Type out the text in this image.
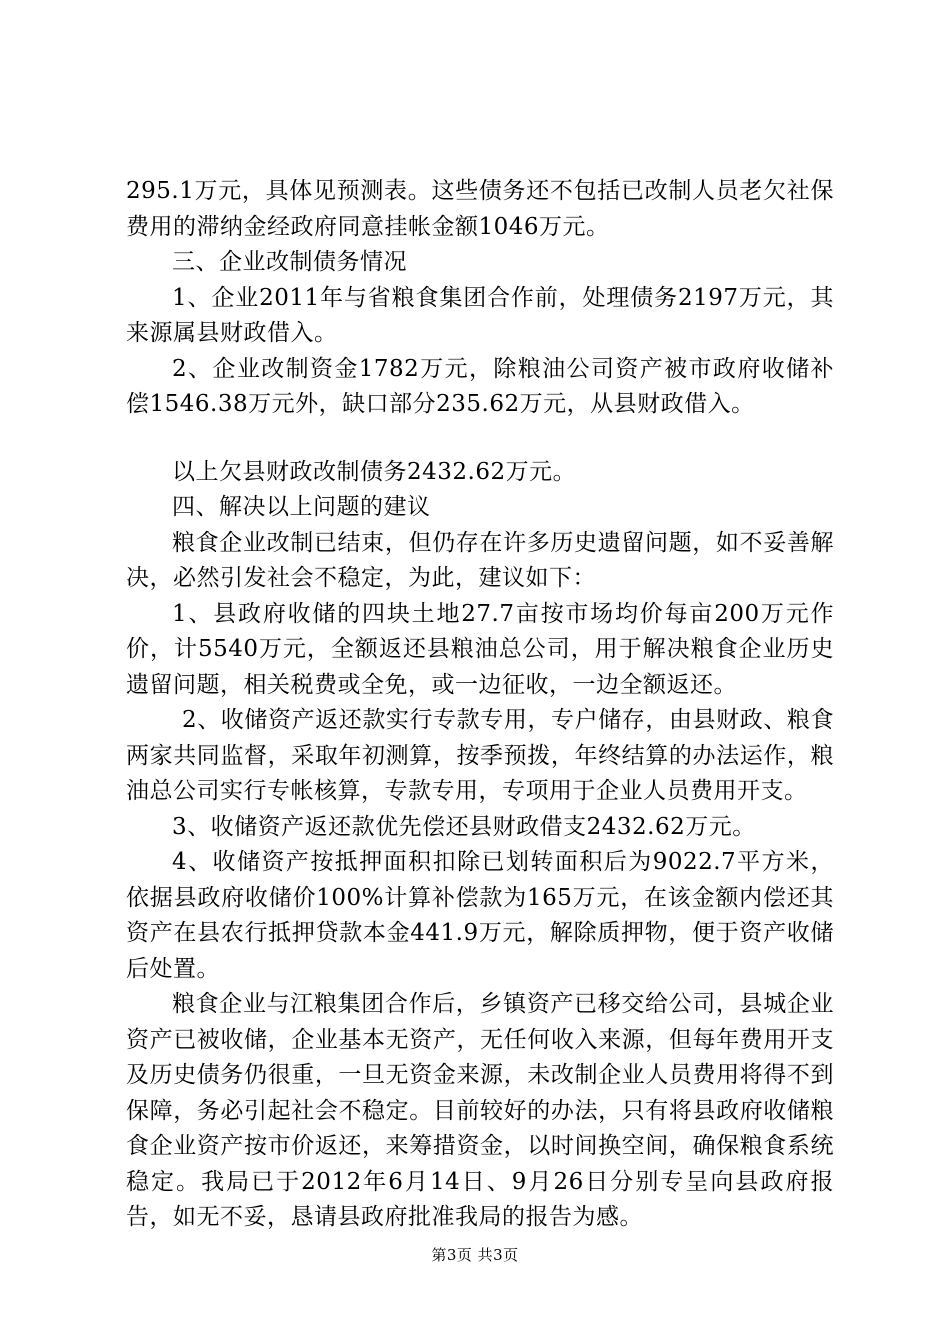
295.1万元，具体见预测表。这些债务还不包括已改制人员老欠社保费用的滞纳金经政府同意挂帐金额1046万元。

三、企业改制债务情况

1、企业2011年与省粮食集团合作前，处理债务2197万元，其来源属县财政借入。

2、企业改制资金1782万元，除粮油公司资产被市政府收储补偿1546.38万元外，缺口部分235.62万元，从县财政借入。

以上欠县财政改制债务2432.62万元。

四、解决以上问题的建议

粮食企业改制已结束，但仍存在许多历史遗留问题，如不妥善解决，必然引发社会不稳定，为此，建议如下：

1、县政府收储的四块土地27.7亩按市场均价每亩200万元作价，计5540万元，全额返还县粮油总公司，用于解决粮食企业历史遗留问题，相关税费或全免，或一边征收，一边全额返还。

2、收储资产返还款实行专款专用，专户储存，由县财政、粮食两家共同监督，采取年初测算，按季预拨，年终结算的办法运作，粮油总公司实行专帐核算，专款专用，专项用于企业人员费用开支。

3、收储资产返还款优先偿还县财政借支2432.62万元。

4、收储资产按抵押面积扣除已划转面积后为9022.7平方米，依据县政府收储价100%计算补偿款为165万元，在该金额内偿还其资产在县农行抵押贷款本金441.9万元，解除质押物，便于资产收储后处置。

粮食企业与江粮集团合作后，乡镇资产已移交给公司，县城企业资产已被收储，企业基本无资产，无任何收入来源，但每年费用开支及历史债务仍很重，一旦无资金来源，未改制企业人员费用将得不到保障，务必引起社会不稳定。目前较好的办法，只有将县政府收储粮食企业资产按市价返还，来筹措资金，以时间换空间，确保粮食系统稳定。我局已于2012年6月14日、9月26日分别专呈向县政府报告，如无不妥，恳请县政府批准我局的报告为感。

第3页 共3页
